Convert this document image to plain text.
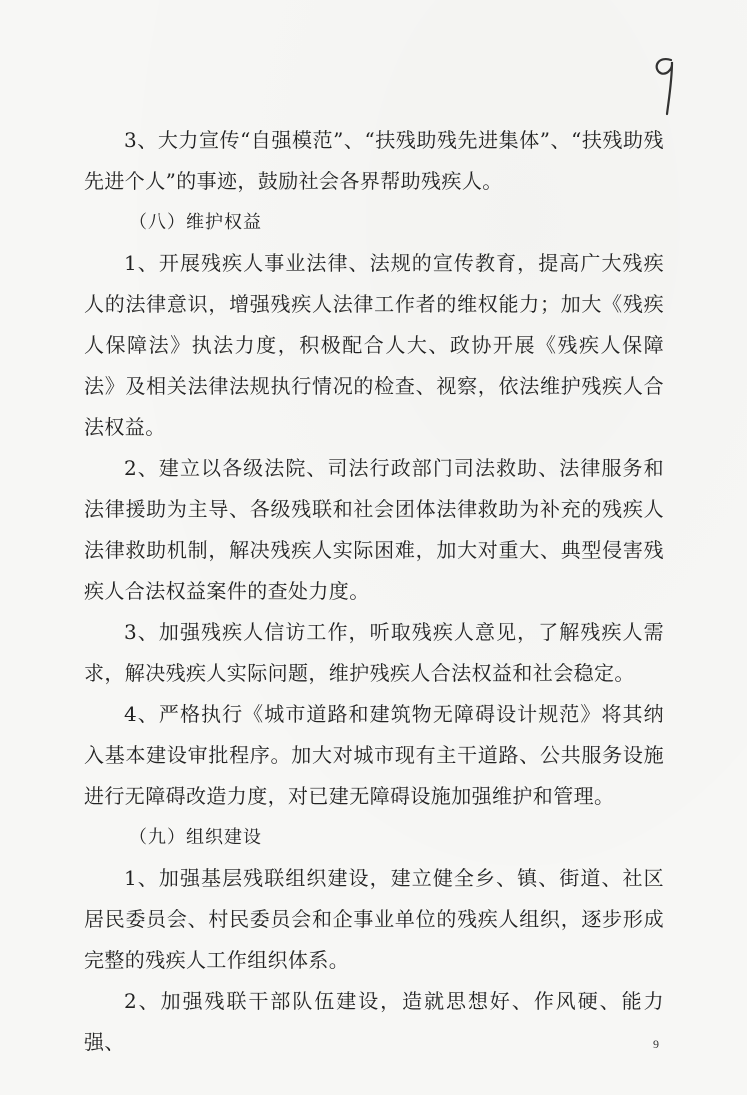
3、大力宣传“自强模范”、“扶残助残先进集体”、“扶残助残先进个人”的事迹，鼓励社会各界帮助残疾人。

（八）维护权益

1、开展残疾人事业法律、法规的宣传教育，提高广大残疾人的法律意识，增强残疾人法律工作者的维权能力；加大《残疾人保障法》执法力度，积极配合人大、政协开展《残疾人保障法》及相关法律法规执行情况的检查、视察，依法维护残疾人合法权益。

2、建立以各级法院、司法行政部门司法救助、法律服务和法律援助为主导、各级残联和社会团体法律救助为补充的残疾人法律救助机制，解决残疾人实际困难，加大对重大、典型侵害残疾人合法权益案件的查处力度。

3、加强残疾人信访工作，听取残疾人意见，了解残疾人需求，解决残疾人实际问题，维护残疾人合法权益和社会稳定。

4、严格执行《城市道路和建筑物无障碍设计规范》将其纳入基本建设审批程序。加大对城市现有主干道路、公共服务设施进行无障碍改造力度，对已建无障碍设施加强维护和管理。

（九）组织建设

1、加强基层残联组织建设，建立健全乡、镇、街道、社区居民委员会、村民委员会和企事业单位的残疾人组织，逐步形成完整的残疾人工作组织体系。

2、加强残联干部队伍建设，造就思想好、作风硬、能力强、	9
